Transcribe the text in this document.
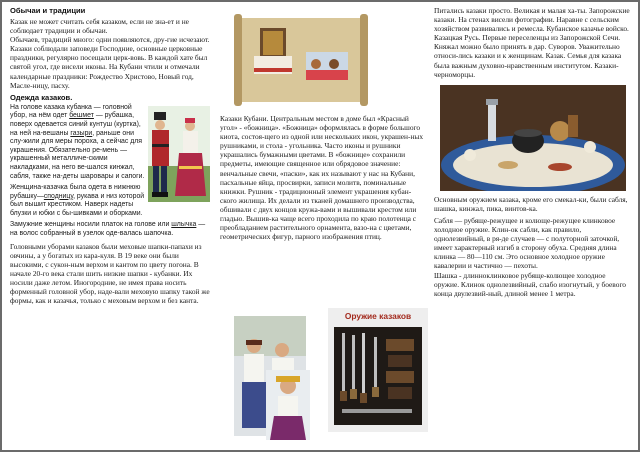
Обычаи и традиции

Казак не может считать себя казаком, если не зна-ет и не соблюдает традиции и обычаи.

Обычаев, традиций много: одни появляются, дру-гие исчезают.

Казаки соблюдали заповеди Господние, основные церковные праздники, регулярно посещали церк-вовь. В каждой хате был святой угол, где висели иконы. На Кубани чтили и отмечали календарные праздники: Рождество Христово, Новый год, Масле-ницу, пасху.

Одежда казаков.

На голове казака кубанка — головной убор, на нём одет бешмет — рубашка, поверх одевается синий кунтуш (куртка), на ней на-вешаны газыри, раньше они слу-жили для меры пороха, а сейчас для украшения. Обязательно ре-мень — украшенный металличе-скими накладками, на него ве-шался кинжал, сабля, также на-деты шаровары и сапоги.

Женщина-казачка была одета в нижнюю рубашку—сподницу, рукава и низ которой был вышит крестиком. Наверх надеты блузки и юбки с бы-шивками и оборками.

Замужние женщины носили платок на голове или шлычка — на волос собранный в узелок оде-валась шапочка.

Головными уборами казаков были меховые шапки-папахи из овчины, а у богатых из кара-куля. В 19 веке они были высокими, с сукон-ным верхом и кантом по цвету погона. В начале 20-го века стали шить низкие шапки - кубанки. Их носили даже летом. Иногородние, не имея права носить форменный головной убор, наде-вали меховую шапку такой же формы, как и казачья, только с меховым верхом и без канта.

Казаки Кубани. Центральным местом в доме был «Красный угол» - «божница». «Божница» оформлялась в форме большого киота, состоя-щего из одной или нескольких икон, украшен-ных рушниками, и стола - угольника. Часто иконы и рушники украшались бумажными цветами. В «божнице» сохранили предметы, имеющие священное или обрядовое значение: венчальные свечи, «паски», как их называют у нас на Кубани, пасхальные яйца, просвирки, записи молитв, поминальные книжки. Рушник - традиционный элемент украшения кубан-ского жилища. Их делали из тканей домашнего производства, обшивали с двух концов кружа-вами и вышивали крестом или гладью. Вышив-ка чаще всего проходила по краю полотенца с преобладанием растительного орнамента, вазо-на с цветами, геометрических фигур, парного изображения птиц.

Питались казаки просто. Великая и малая ха-ты. Запорожские казаки. На стенах висели фотографии. Наравне с сельским хозяйством развивались и ремесла. Кубанское казачье войско. Казацкая Русь. Первые переселенцы из Запорожской Сечи. Княжал можно было принять в дар. Суворов. Уважительно относи-лись казаки и к женщинам. Казак. Семья для казака была важным духовно-нравственным институтом. Казаки-черноморцы.

Основным оружием казака, кроме его смекал-ки, были сабля, шашка, кинжал, пика, винтов-ка.

Сабля — рубяще-режущее и колюще-режущее клинковое холодное оружие. Клин-ок сабли, как правило, однолезвийный, в ря-де случаев — с полуторной заточкой, имеет характерный изгиб в сторону обуха. Средняя длина клинка — 80—110 см. Это основное холодное оружие кавалерии и частично — пехоты.

Шашка - длинноклинковое рубяще-колющее холодное оружие. Клинок однолезвийный, слабо изогнутый, у боевого конца двулезвий-ный, длиной менее 1 метра.

Оружие казаков
